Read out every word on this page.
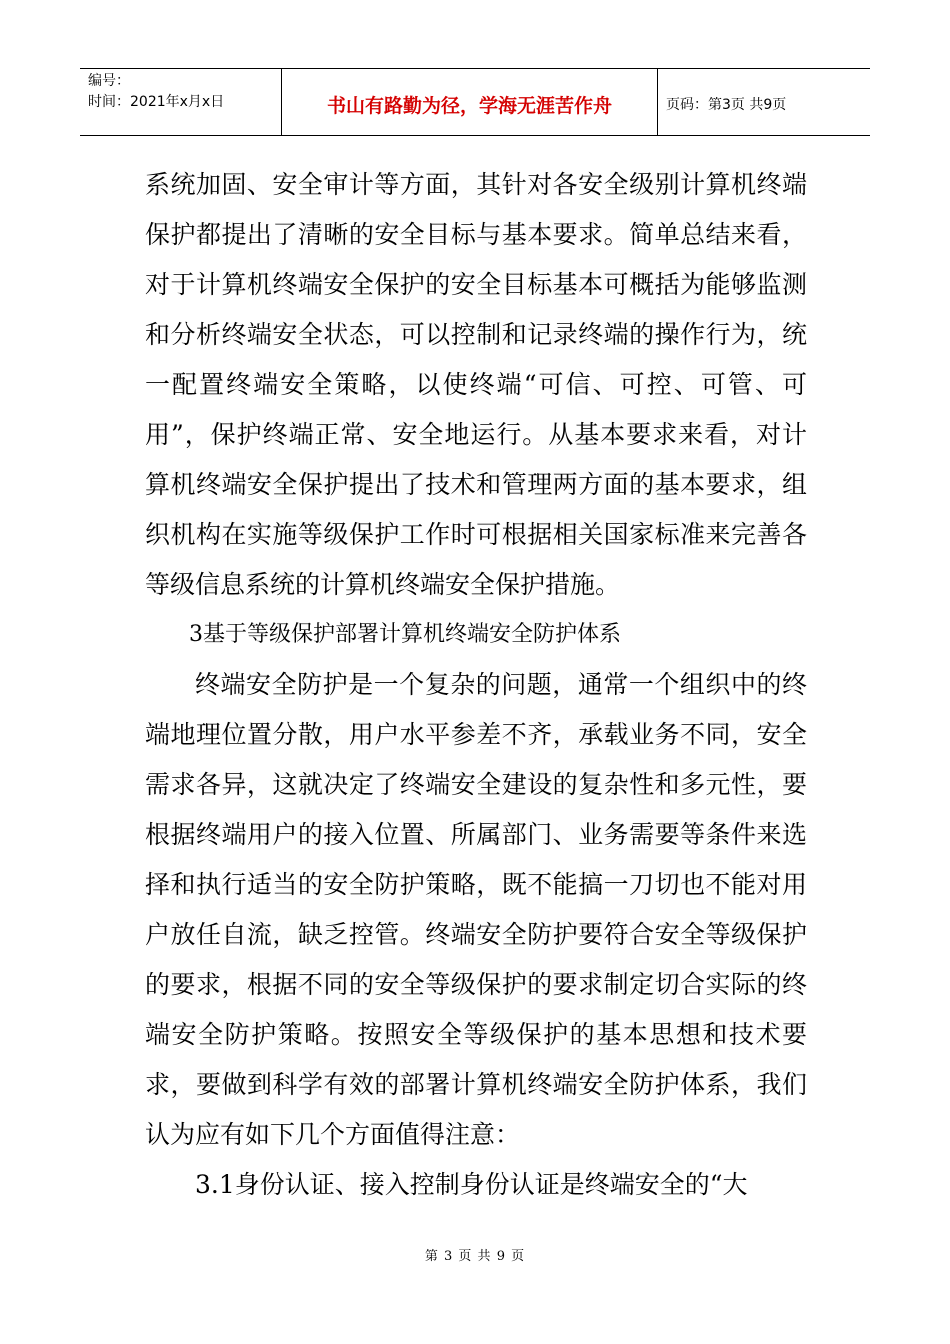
编号：
时间：2021年x月x日	书山有路勤为径，学海无涯苦作舟	页码：第3页 共9页

系统加固、安全审计等方面，其针对各安全级别计算机终端保护都提出了清晰的安全目标与基本要求。简单总结来看，对于计算机终端安全保护的安全目标基本可概括为能够监测和分析终端安全状态，可以控制和记录终端的操作行为，统一配置终端安全策略，以使终端“可信、可控、可管、可用”，保护终端正常、安全地运行。从基本要求来看，对计算机终端安全保护提出了技术和管理两方面的基本要求，组织机构在实施等级保护工作时可根据相关国家标准来完善各等级信息系统的计算机终端安全保护措施。

3基于等级保护部署计算机终端安全防护体系

终端安全防护是一个复杂的问题，通常一个组织中的终端地理位置分散，用户水平参差不齐，承载业务不同，安全需求各异，这就决定了终端安全建设的复杂性和多元性，要根据终端用户的接入位置、所属部门、业务需要等条件来选择和执行适当的安全防护策略，既不能搞一刀切也不能对用户放任自流，缺乏控管。终端安全防护要符合安全等级保护的要求，根据不同的安全等级保护的要求制定切合实际的终端安全防护策略。按照安全等级保护的基本思想和技术要求，要做到科学有效的部署计算机终端安全防护体系，我们认为应有如下几个方面值得注意：

3.1身份认证、接入控制身份认证是终端安全的“大

第 3 页 共 9 页
